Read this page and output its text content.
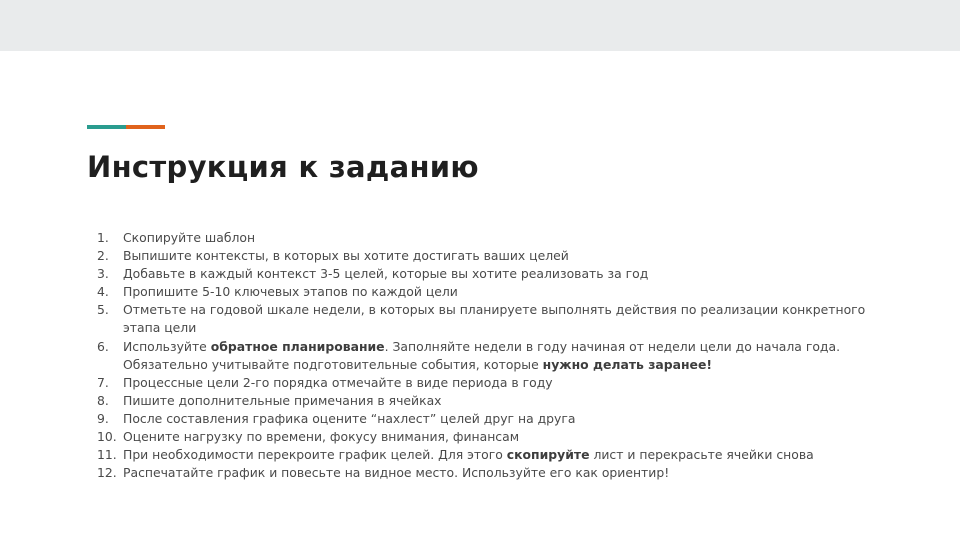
Инструкция к заданию
1.	Скопируйте шаблон
2.	Выпишите контексты, в которых вы хотите достигать ваших целей
3.	Добавьте в каждый контекст 3-5 целей, которые вы хотите реализовать за год
4.	Пропишите 5-10 ключевых этапов по каждой цели
5.	Отметьте на годовой шкале недели, в которых вы планируете выполнять действия по реализации конкретного этапа цели
6.	Используйте обратное планирование. Заполняйте недели в году начиная от недели цели до начала года. Обязательно учитывайте подготовительные события, которые нужно делать заранее!
7.	Процессные цели 2-го порядка отмечайте в виде периода в году
8.	Пишите дополнительные примечания в ячейках
9.	После составления графика оцените “нахлест” целей друг на друга
10. Оцените нагрузку по времени, фокусу внимания, финансам
11. При необходимости перекроите график целей. Для этого скопируйте лист и перекрасьте ячейки снова
12. Распечатайте график и повесьте на видное место. Используйте его как ориентир!
